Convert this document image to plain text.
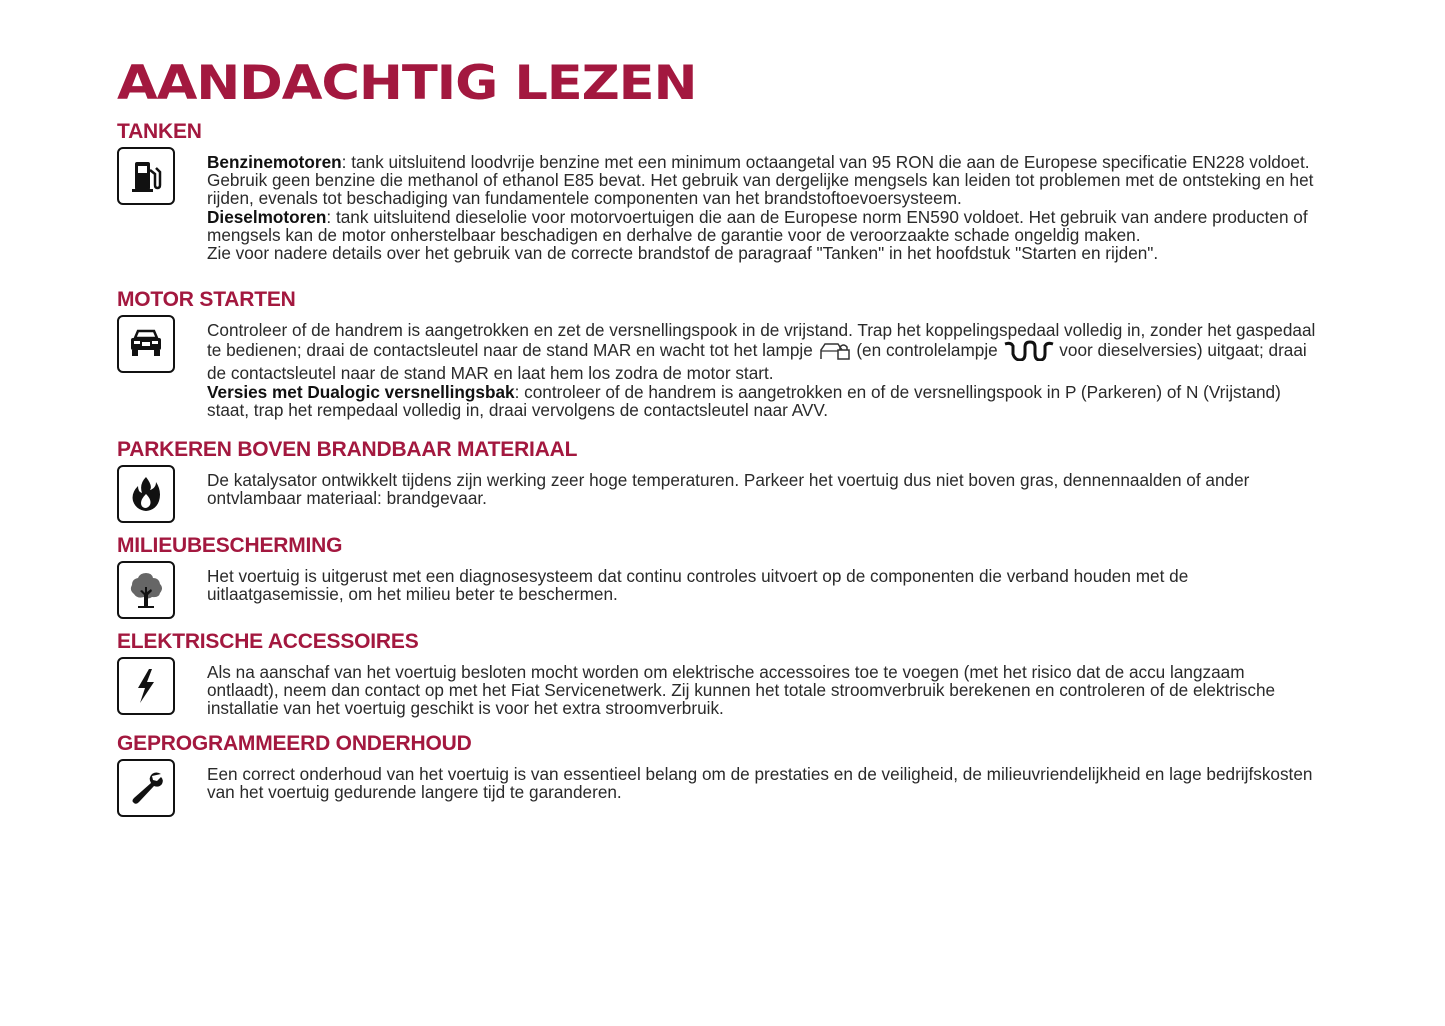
AANDACHTIG LEZEN
TANKEN

Benzinemotoren: tank uitsluitend loodvrije benzine met een minimum octaangetal van 95 RON die aan de Europese specificatie EN228 voldoet. Gebruik geen benzine die methanol of ethanol E85 bevat. Het gebruik van dergelijke mengsels kan leiden tot problemen met de ontsteking en het rijden, evenals tot beschadiging van fundamentele componenten van het brandstoftoevoersysteem.

Dieselmotoren: tank uitsluitend dieselolie voor motorvoertuigen die aan de Europese norm EN590 voldoet. Het gebruik van andere producten of mengsels kan de motor onherstelbaar beschadigen en derhalve de garantie voor de veroorzaakte schade ongeldig maken.

Zie voor nadere details over het gebruik van de correcte brandstof de paragraaf "Tanken" in het hoofdstuk "Starten en rijden".

MOTOR STARTEN

Controleer of de handrem is aangetrokken en zet de versnellingspook in de vrijstand. Trap het koppelingspedaal volledig in, zonder het gaspedaal te bedienen; draai de contactsleutel naar de stand MAR en wacht tot het lampje	(en controlelampje	voor dieselversies) uitgaat; draai de contactsleutel naar de stand MAR en laat hem los zodra de motor start.

Versies met Dualogic versnellingsbak: controleer of de handrem is aangetrokken en of de versnellingspook in P (Parkeren) of N (Vrijstand) staat, trap het rempedaal volledig in, draai vervolgens de contactsleutel naar AVV.

PARKEREN BOVEN BRANDBAAR MATERIAAL

De katalysator ontwikkelt tijdens zijn werking zeer hoge temperaturen. Parkeer het voertuig dus niet boven gras, dennennaalden of ander ontvlambaar materiaal: brandgevaar.

MILIEUBESCHERMING

Het voertuig is uitgerust met een diagnosesysteem dat continu controles uitvoert op de componenten die verband houden met de uitlaatgasemissie, om het milieu beter te beschermen.

ELEKTRISCHE ACCESSOIRES

Als na aanschaf van het voertuig besloten mocht worden om elektrische accessoires toe te voegen (met het risico dat de accu langzaam ontlaadt), neem dan contact op met het Fiat Servicenetwerk. Zij kunnen het totale stroomverbruik berekenen en controleren of de elektrische installatie van het voertuig geschikt is voor het extra stroomverbruik.

GEPROGRAMMEERD ONDERHOUD

Een correct onderhoud van het voertuig is van essentieel belang om de prestaties en de veiligheid, de milieuvriendelijkheid en lage bedrijfskosten van het voertuig gedurende langere tijd te garanderen.
